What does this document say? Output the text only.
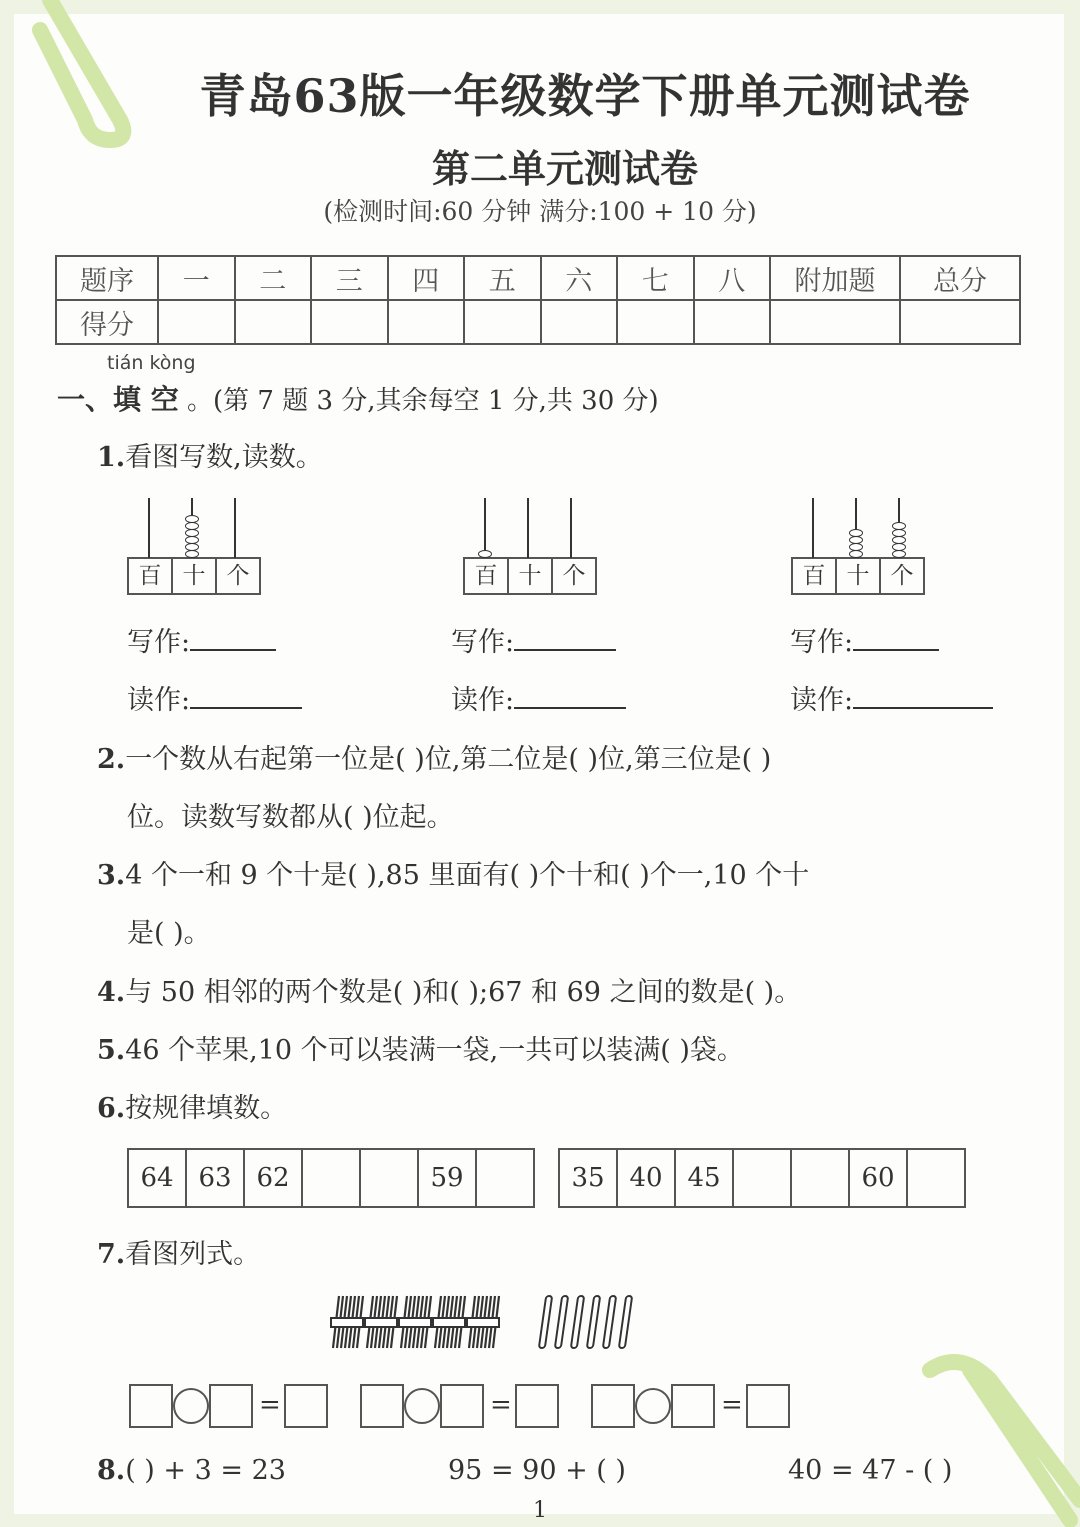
青岛63版一年级数学下册单元测试卷
第二单元测试卷
(检测时间:60 分钟 满分:100 + 10 分)
题序	一	二	三	四	五	六	七	八	附加题	总分
得分										
tián kòng
一、填 空 。(第 7 题 3 分,其余每空 1 分,共 30 分)
1.看图写数,读数。
百 十 个	百 十 个	百 十 个
写作:
读作:
写作:
读作:
写作:
读作:
2.一个数从右起第一位是( )位,第二位是( )位,第三位是( )
位。读数写数都从( )位起。
3.4 个一和 9 个十是( ),85 里面有( )个十和( )个一,10 个十
是( )。
4.与 50 相邻的两个数是( )和( );67 和 69 之间的数是( )。
5.46 个苹果,10 个可以装满一袋,一共可以装满( )袋。
6.按规律填数。
64 63 62	59	35 40 45	60
7.看图列式。
=	=	=
8.( ) + 3 = 23	95 = 90 + ( )	40 = 47 - ( )
1
